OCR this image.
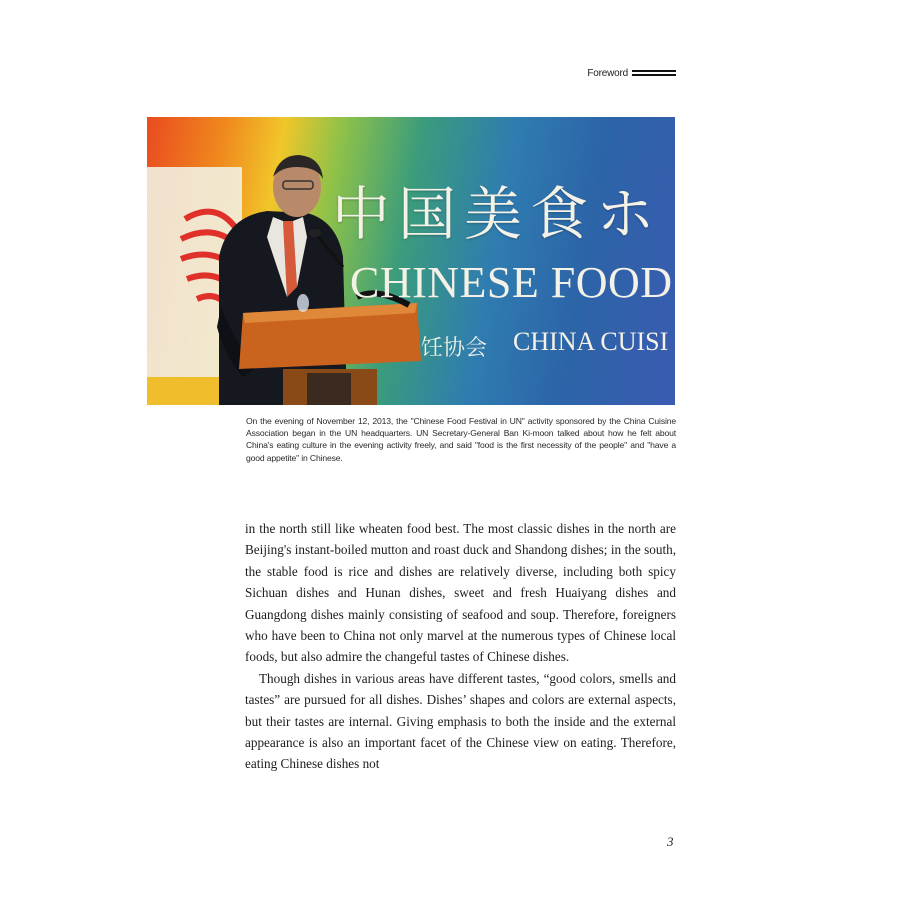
Foreword
中国美食ホ
CHINESE FOOD
饪协会 CHINA CUISI
On the evening of November 12, 2013, the "Chinese Food Festival in UN" activity sponsored by the China Cuisine Association began in the UN headquarters. UN Secretary-General Ban Ki-moon talked about how he felt about China's eating culture in the evening activity freely, and said "food is the first necessity of the people" and "have a good appetite" in Chinese.

in the north still like wheaten food best. The most classic dishes in the north are Beijing's instant-boiled mutton and roast duck and Shandong dishes; in the south, the stable food is rice and dishes are relatively diverse, including both spicy Sichuan dishes and Hunan dishes, sweet and fresh Huaiyang dishes and Guangdong dishes mainly consisting of seafood and soup. Therefore, foreigners who have been to China not only marvel at the numerous types of Chinese local foods, but also admire the changeful tastes of Chinese dishes.

Though dishes in various areas have different tastes, “good colors, smells and tastes” are pursued for all dishes. Dishes’ shapes and colors are external aspects, but their tastes are internal. Giving emphasis to both the inside and the external appearance is also an important facet of the Chinese view on eating. Therefore, eating Chinese dishes not

3
